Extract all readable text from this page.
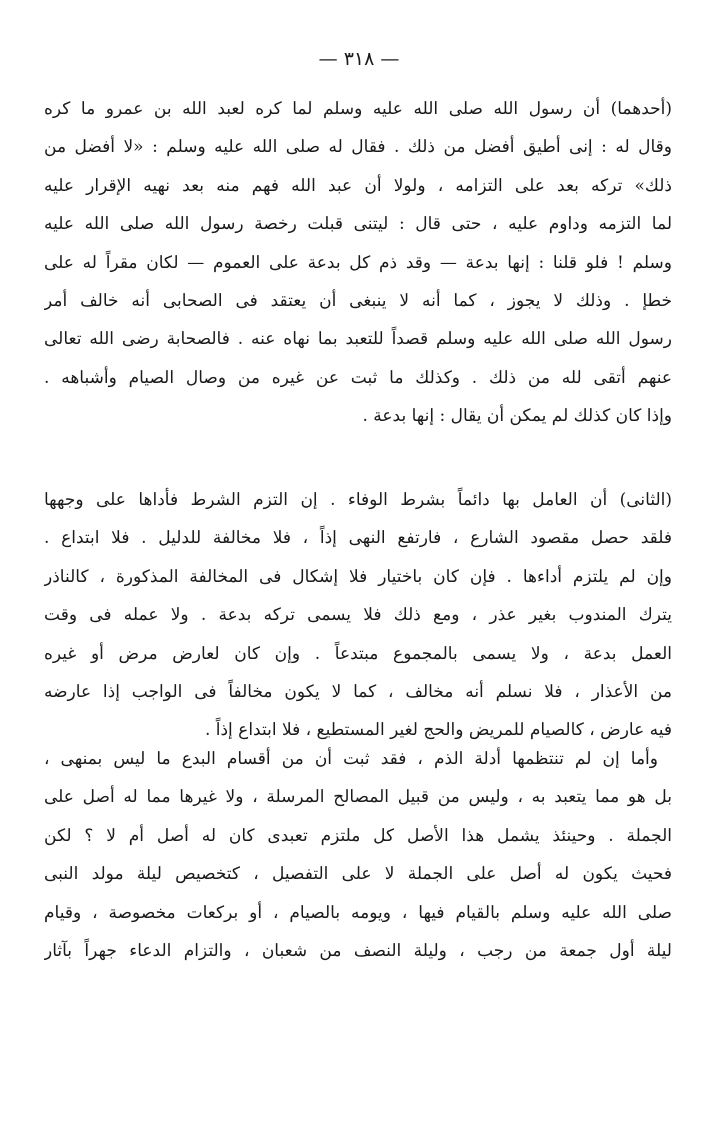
— ٣١٨ —
(أحدهما) أن رسول الله صلى الله عليه وسلم لما كره لعبد الله بن عمرو ما كره
وقال له : إنى أطيق أفضل من ذلك . فقال له صلى الله عليه وسلم : «لا أفضل من
ذلك» تركه بعد على التزامه ، ولولا أن عبد الله فهم منه بعد نهيه الإقرار عليه
لما التزمه وداوم عليه ، حتى قال : ليتنى قبلت رخصة رسول الله صلى الله عليه
وسلم ! فلو قلنا : إنها بدعة — وقد ذم كل بدعة على العموم — لكان مقراً له على
خطإ . وذلك لا يجوز ، كما أنه لا ينبغى أن يعتقد فى الصحابى أنه خالف أمر
رسول الله صلى الله عليه وسلم قصداً للتعبد بما نهاه عنه . فالصحابة رضى الله تعالى
عنهم أتقى لله من ذلك . وكذلك ما ثبت عن غيره من وصال الصيام وأشباهه .
وإذا كان كذلك لم يمكن أن يقال : إنها بدعة .
(الثانى) أن العامل بها دائماً بشرط الوفاء . إن التزم الشرط فأداها على وجهها
فلقد حصل مقصود الشارع ، فارتفع النهى إذاً ، فلا مخالفة للدليل . فلا ابتداع .
وإن لم يلتزم أداءها . فإن كان باختيار فلا إشكال فى المخالفة المذكورة ، كالناذر
يترك المندوب بغير عذر ، ومع ذلك فلا يسمى تركه بدعة . ولا عمله فى وقت
العمل بدعة ، ولا يسمى بالمجموع مبتدعاً . وإن كان لعارض مرض أو غيره
من الأعذار ، فلا نسلم أنه مخالف ، كما لا يكون مخالفاً فى الواجب إذا عارضه
فيه عارض ، كالصيام للمريض والحج لغير المستطيع ، فلا ابتداع إذاً .
وأما إن لم تنتظمها أدلة الذم ، فقد ثبت أن من أقسام البدع ما ليس بمنهى ،
بل هو مما يتعبد به ، وليس من قبيل المصالح المرسلة ، ولا غيرها مما له أصل على
الجملة . وحينئذ يشمل هذا الأصل كل ملتزم تعبدى كان له أصل أم لا ؟ لكن
فحيث يكون له أصل على الجملة لا على التفصيل ، كتخصيص ليلة مولد النبى
صلى الله عليه وسلم بالقيام فيها ، ويومه بالصيام ، أو بركعات مخصوصة ، وقيام
ليلة أول جمعة من رجب ، وليلة النصف من شعبان ، والتزام الدعاء جهراً بآثار
